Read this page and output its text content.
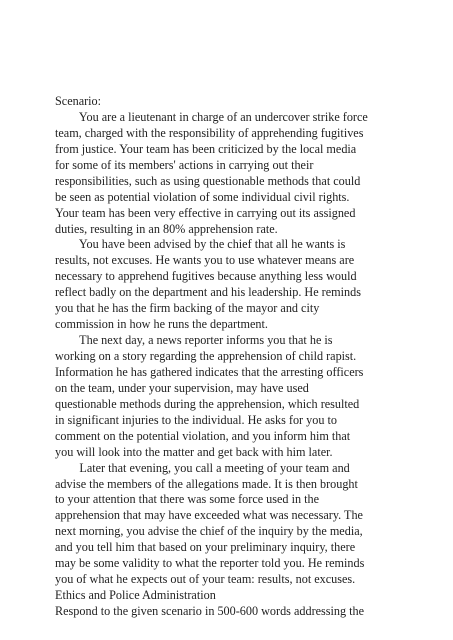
Scenario:
You are a lieutenant in charge of an undercover strike force
team, charged with the responsibility of apprehending fugitives
from justice. Your team has been criticized by the local media
for some of its members' actions in carrying out their
responsibilities, such as using questionable methods that could
be seen as potential violation of some individual civil rights.
Your team has been very effective in carrying out its assigned
duties, resulting in an 80% apprehension rate.
You have been advised by the chief that all he wants is
results, not excuses. He wants you to use whatever means are
necessary to apprehend fugitives because anything less would
reflect badly on the department and his leadership. He reminds
you that he has the firm backing of the mayor and city
commission in how he runs the department.
The next day, a news reporter informs you that he is
working on a story regarding the apprehension of child rapist.
Information he has gathered indicates that the arresting officers
on the team, under your supervision, may have used
questionable methods during the apprehension, which resulted
in significant injuries to the individual. He asks for you to
comment on the potential violation, and you inform him that
you will look into the matter and get back with him later.
Later that evening, you call a meeting of your team and
advise the members of the allegations made. It is then brought
to your attention that there was some force used in the
apprehension that may have exceeded what was necessary. The
next morning, you advise the chief of the inquiry by the media,
and you tell him that based on your preliminary inquiry, there
may be some validity to what the reporter told you. He reminds
you of what he expects out of your team: results, not excuses.
Ethics and Police Administration
Respond to the given scenario in 500-600 words addressing the
